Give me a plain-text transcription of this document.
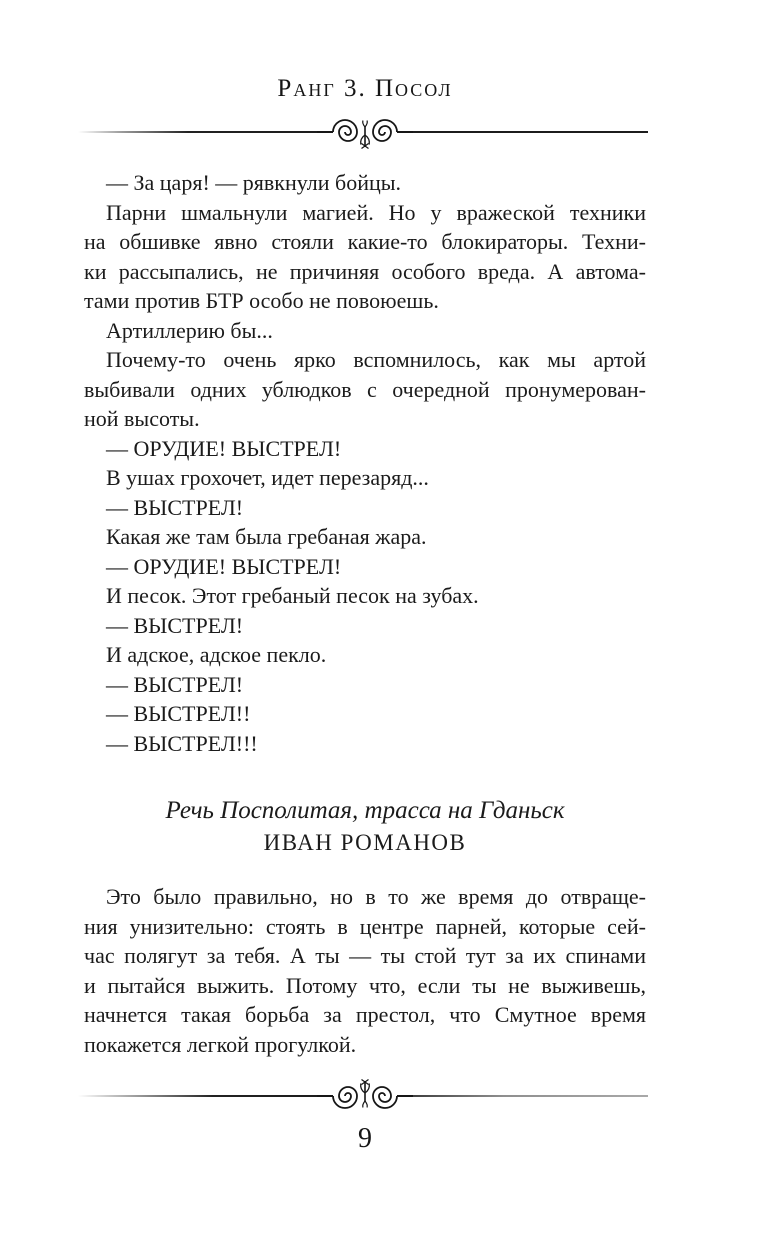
Ранг 3. Посол
— За царя! — рявкнули бойцы.
Парни шмальнули магией. Но у вражеской техники
на обшивке явно стояли какие-то блокираторы. Техни-
ки рассыпались, не причиняя особого вреда. А автома-
тами против БТР особо не повоюешь.
Артиллерию бы...
Почему-то очень ярко вспомнилось, как мы артой
выбивали одних ублюдков с очередной пронумерован-
ной высоты.
— ОРУДИЕ! ВЫСТРЕЛ!
В ушах грохочет, идет перезаряд...
— ВЫСТРЕЛ!
Какая же там была гребаная жара.
— ОРУДИЕ! ВЫСТРЕЛ!
И песок. Этот гребаный песок на зубах.
— ВЫСТРЕЛ!
И адское, адское пекло.
— ВЫСТРЕЛ!
— ВЫСТРЕЛ!!
— ВЫСТРЕЛ!!!
Речь Посполитая, трасса на Гданьск
ИВАН РОМАНОВ
Это было правильно, но в то же время до отвраще-
ния унизительно: стоять в центре парней, которые сей-
час полягут за тебя. А ты — ты стой тут за их спинами
и пытайся выжить. Потому что, если ты не выживешь,
начнется такая борьба за престол, что Смутное время
покажется легкой прогулкой.
9
